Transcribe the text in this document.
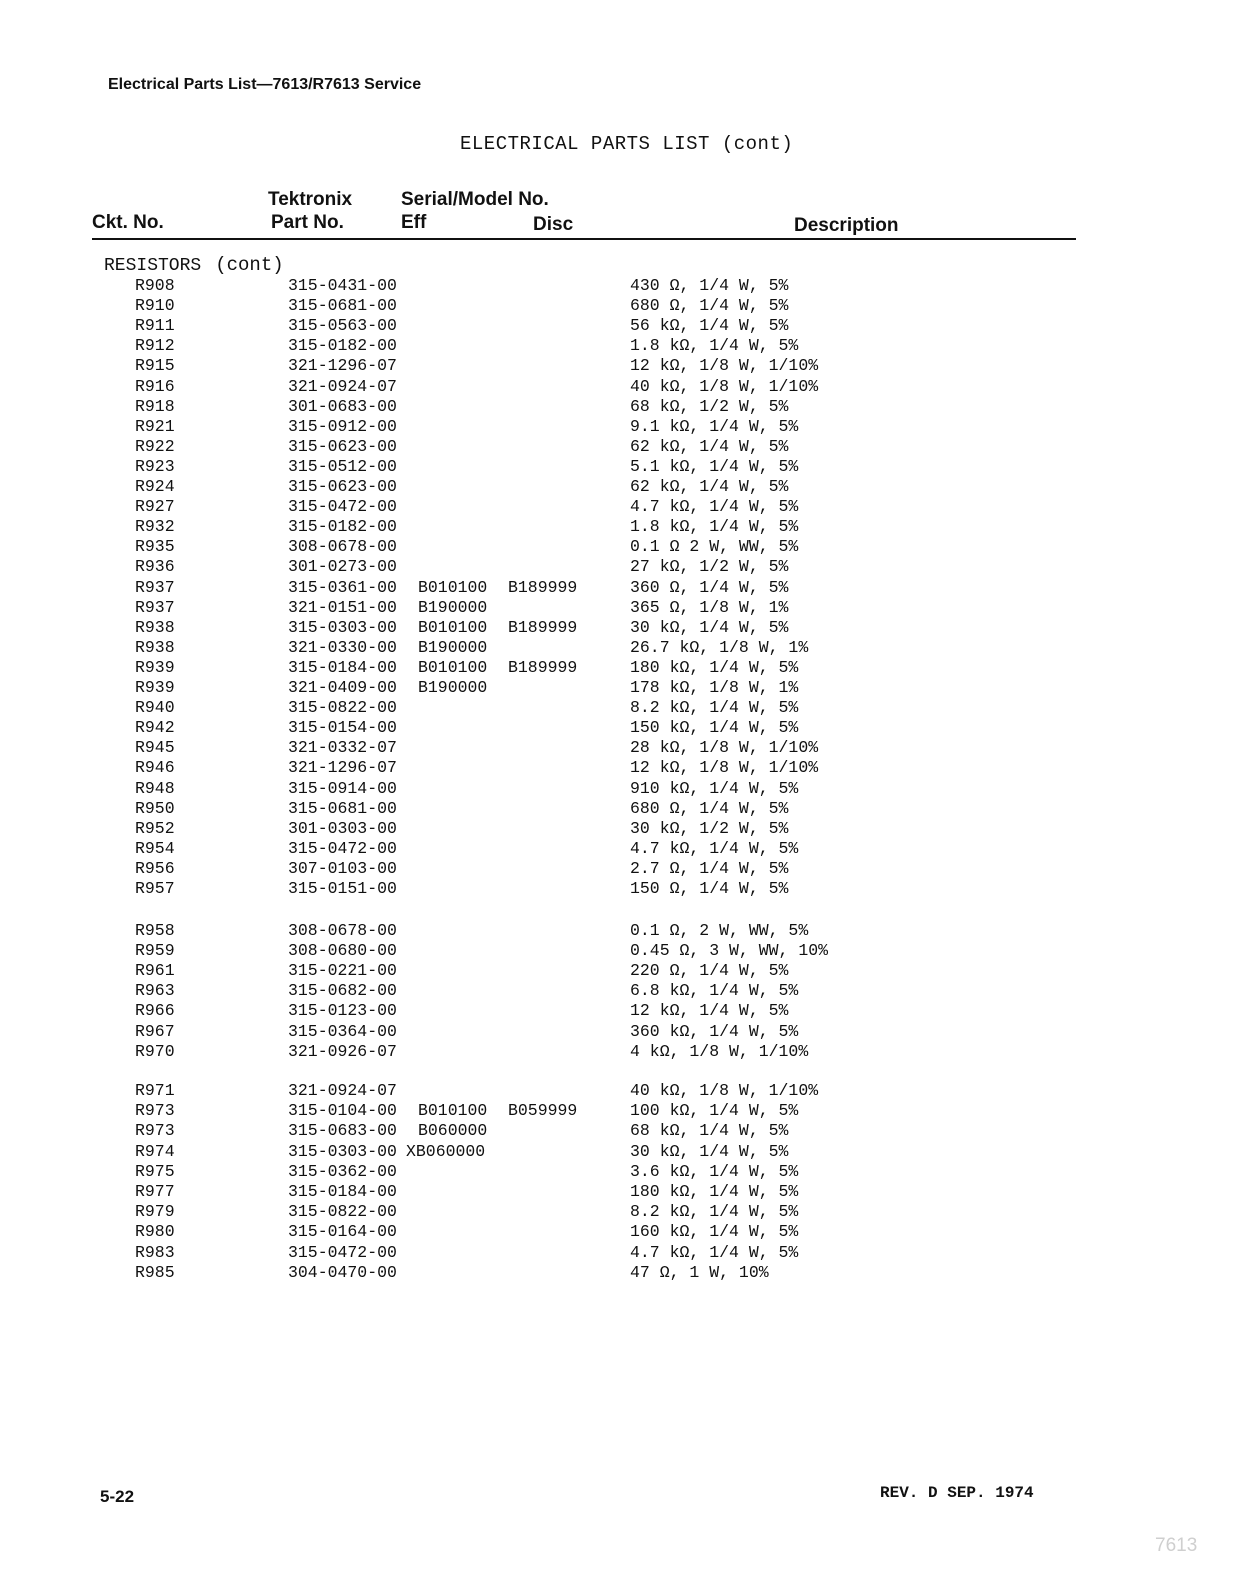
Electrical Parts List—7613/R7613 Service
ELECTRICAL PARTS LIST (cont)
Ckt. No.
Tektronix
Part No.
Serial/Model No.
Eff	Disc	Description
RESISTORS (cont)
R908	315-0431-00	430 Ω, 1/4 W, 5%
R910	315-0681-00	680 Ω, 1/4 W, 5%
R911	315-0563-00	56 kΩ, 1/4 W, 5%
R912	315-0182-00	1.8 kΩ, 1/4 W, 5%
R915	321-1296-07	12 kΩ, 1/8 W, 1/10%
R916	321-0924-07	40 kΩ, 1/8 W, 1/10%
R918	301-0683-00	68 kΩ, 1/2 W, 5%
R921	315-0912-00	9.1 kΩ, 1/4 W, 5%
R922	315-0623-00	62 kΩ, 1/4 W, 5%
R923	315-0512-00	5.1 kΩ, 1/4 W, 5%
R924	315-0623-00	62 kΩ, 1/4 W, 5%
R927	315-0472-00	4.7 kΩ, 1/4 W, 5%
R932	315-0182-00	1.8 kΩ, 1/4 W, 5%
R935	308-0678-00	0.1 Ω 2 W, WW, 5%
R936	301-0273-00	27 kΩ, 1/2 W, 5%
R937	315-0361-00 B010100 B189999	360 Ω, 1/4 W, 5%
R937	321-0151-00 B190000	365 Ω, 1/8 W, 1%
R938	315-0303-00 B010100 B189999	30 kΩ, 1/4 W, 5%
R938	321-0330-00 B190000	26.7 kΩ, 1/8 W, 1%
R939	315-0184-00 B010100 B189999	180 kΩ, 1/4 W, 5%
R939	321-0409-00 B190000	178 kΩ, 1/8 W, 1%
R940	315-0822-00	8.2 kΩ, 1/4 W, 5%
R942	315-0154-00	150 kΩ, 1/4 W, 5%
R945	321-0332-07	28 kΩ, 1/8 W, 1/10%
R946	321-1296-07	12 kΩ, 1/8 W, 1/10%
R948	315-0914-00	910 kΩ, 1/4 W, 5%
R950	315-0681-00	680 Ω, 1/4 W, 5%
R952	301-0303-00	30 kΩ, 1/2 W, 5%
R954	315-0472-00	4.7 kΩ, 1/4 W, 5%
R956	307-0103-00	2.7 Ω, 1/4 W, 5%
R957	315-0151-00	150 Ω, 1/4 W, 5%
R958	308-0678-00	0.1 Ω, 2 W, WW, 5%
R959	308-0680-00	0.45 Ω, 3 W, WW, 10%
R961	315-0221-00	220 Ω, 1/4 W, 5%
R963	315-0682-00	6.8 kΩ, 1/4 W, 5%
R966	315-0123-00	12 kΩ, 1/4 W, 5%
R967	315-0364-00	360 kΩ, 1/4 W, 5%
R970	321-0926-07	4 kΩ, 1/8 W, 1/10%
R971	321-0924-07	40 kΩ, 1/8 W, 1/10%
R973	315-0104-00 B010100 B059999	100 kΩ, 1/4 W, 5%
R973	315-0683-00 B060000	68 kΩ, 1/4 W, 5%
R974	315-0303-00 XB060000	30 kΩ, 1/4 W, 5%
R975	315-0362-00	3.6 kΩ, 1/4 W, 5%
R977	315-0184-00	180 kΩ, 1/4 W, 5%
R979	315-0822-00	8.2 kΩ, 1/4 W, 5%
R980	315-0164-00	160 kΩ, 1/4 W, 5%
R983	315-0472-00	4.7 kΩ, 1/4 W, 5%
R985	304-0470-00	47 Ω, 1 W, 10%
5-22	REV. D SEP. 1974
7613
